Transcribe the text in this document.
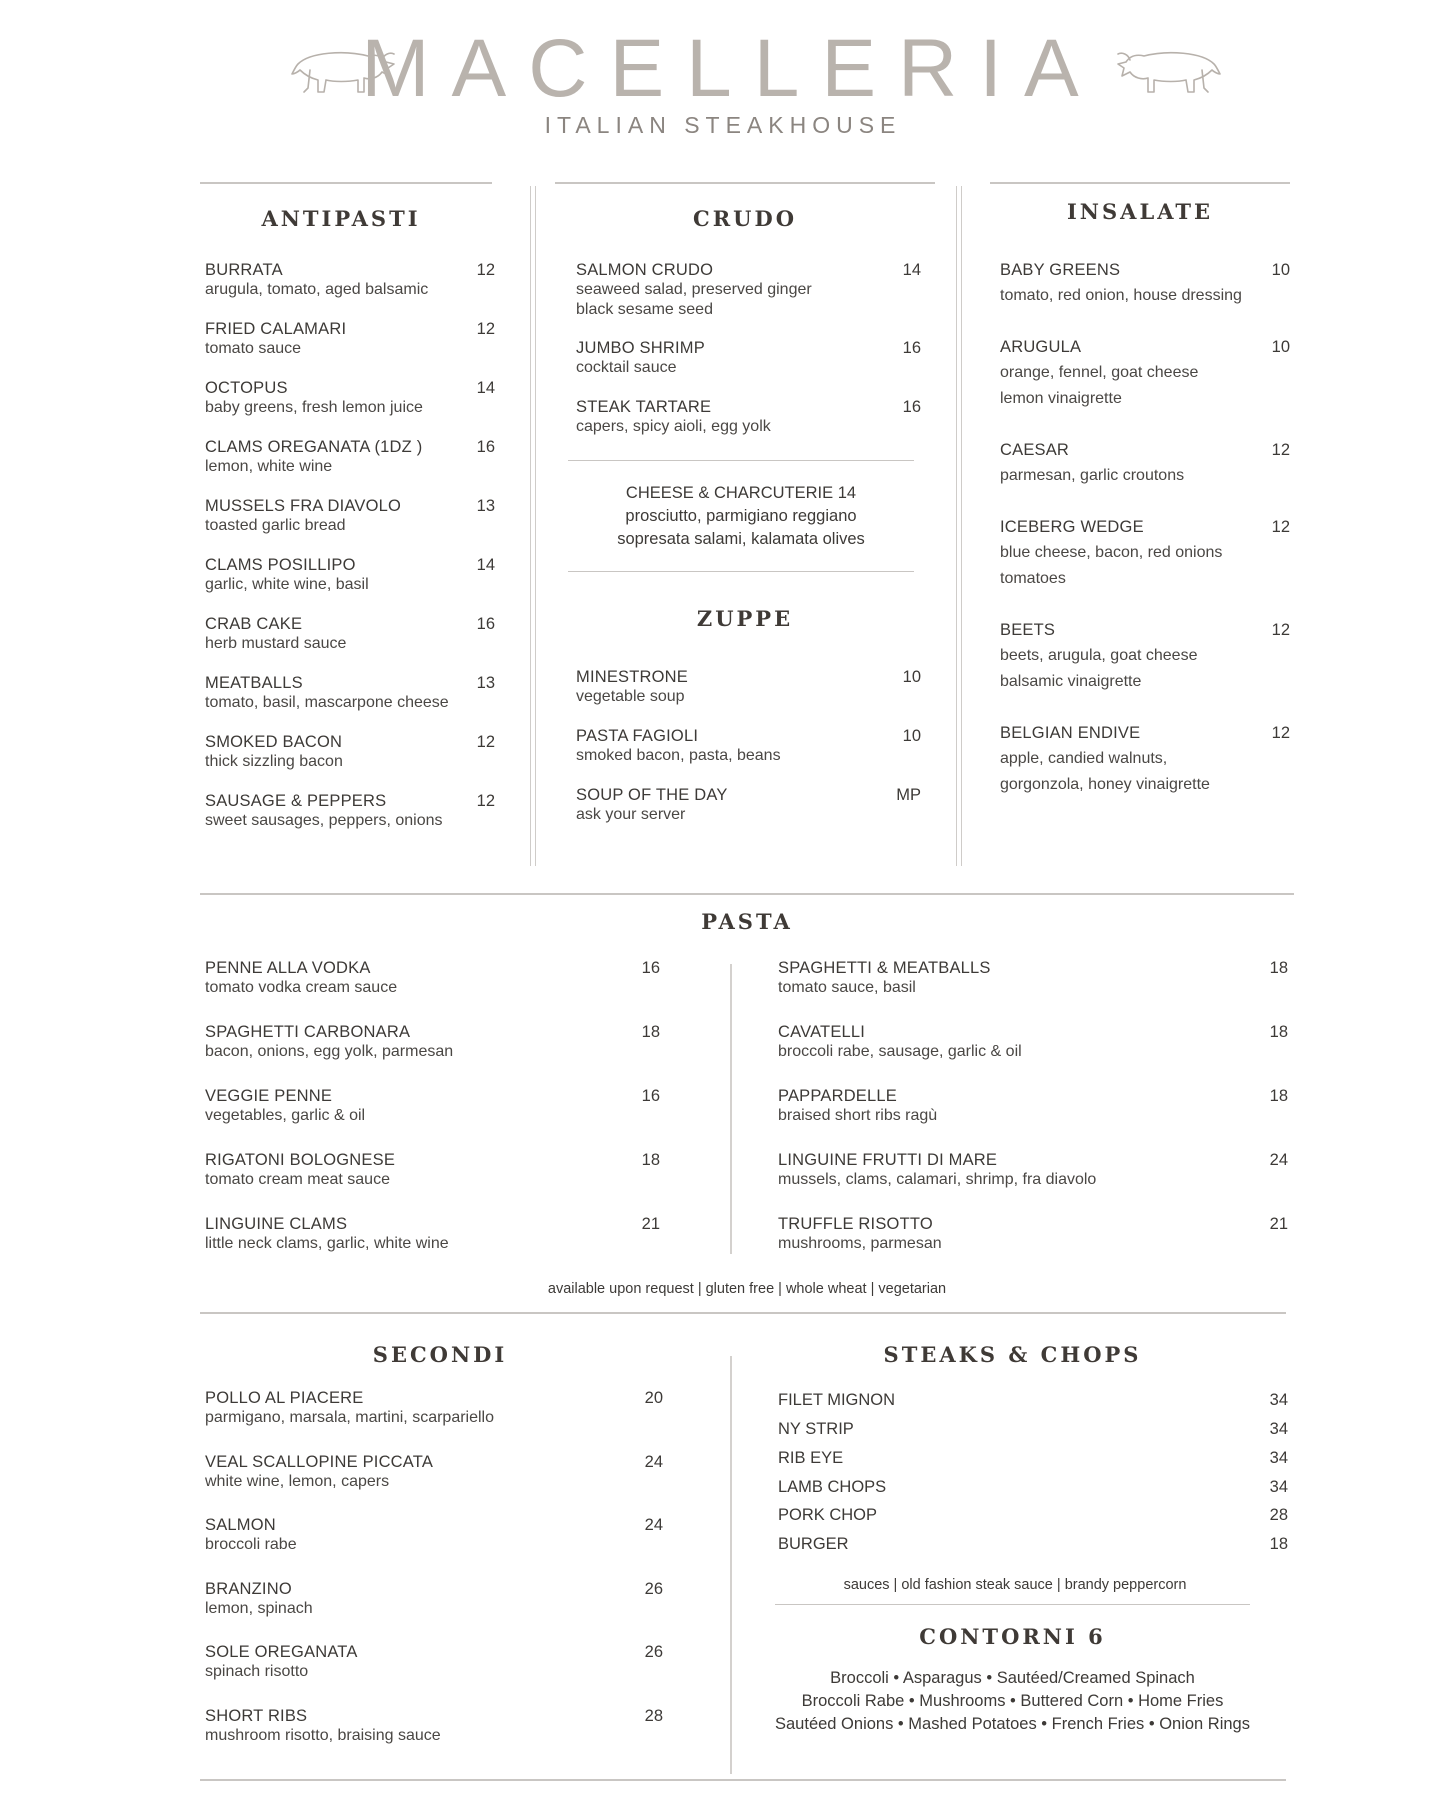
MACELLERIA
ITALIAN STEAKHOUSE
ANTIPASTI
BURRATA
arugula, tomato, aged balsamic
12
FRIED CALAMARI
tomato sauce
12
OCTOPUS
baby greens, fresh lemon juice
14
CLAMS OREGANATA (1DZ )
lemon, white wine
16
MUSSELS FRA DIAVOLO
toasted garlic bread
13
CLAMS POSILLIPO
garlic, white wine, basil
14
CRAB CAKE
herb mustard sauce
16
MEATBALLS
tomato, basil, mascarpone cheese
13
SMOKED BACON
thick sizzling bacon
12
SAUSAGE & PEPPERS
sweet sausages, peppers, onions
12
CRUDO
SALMON CRUDO
seaweed salad, preserved ginger
black sesame seed
14
JUMBO SHRIMP
cocktail sauce
16
STEAK TARTARE
capers, spicy aioli, egg yolk
16
CHEESE & CHARCUTERIE 14
prosciutto, parmigiano reggiano
sopresata salami, kalamata olives
ZUPPE
MINESTRONE
vegetable soup
10
PASTA FAGIOLI
smoked bacon, pasta, beans
10
SOUP OF THE DAY
ask your server
MP
INSALATE
BABY GREENS
tomato, red onion, house dressing
10
ARUGULA
orange, fennel, goat cheese
lemon vinaigrette
10
CAESAR
parmesan, garlic croutons
12
ICEBERG WEDGE
blue cheese, bacon, red onions
tomatoes
12
BEETS
beets, arugula, goat cheese
balsamic vinaigrette
12
BELGIAN ENDIVE
apple, candied walnuts,
gorgonzola, honey vinaigrette
12
PASTA
PENNE ALLA VODKA
tomato vodka cream sauce
16
SPAGHETTI CARBONARA
bacon, onions, egg yolk, parmesan
18
VEGGIE PENNE
vegetables, garlic & oil
16
RIGATONI BOLOGNESE
tomato cream meat sauce
18
LINGUINE CLAMS
little neck clams, garlic, white wine
21
SPAGHETTI & MEATBALLS
tomato sauce, basil
18
CAVATELLI
broccoli rabe, sausage, garlic & oil
18
PAPPARDELLE
braised short ribs ragù
18
LINGUINE FRUTTI DI MARE
mussels, clams, calamari, shrimp, fra diavolo
24
TRUFFLE RISOTTO
mushrooms, parmesan
21
available upon request | gluten free | whole wheat | vegetarian
SECONDI
POLLO AL PIACERE
parmigano, marsala, martini, scarpariello
20
VEAL SCALLOPINE PICCATA
white wine, lemon, capers
24
SALMON
broccoli rabe
24
BRANZINO
lemon, spinach
26
SOLE OREGANATA
spinach risotto
26
SHORT RIBS
mushroom risotto, braising sauce
28
STEAKS & CHOPS
FILET MIGNON	34
NY STRIP	34
RIB EYE	34
LAMB CHOPS	34
PORK CHOP	28
BURGER	18
sauces | old fashion steak sauce | brandy peppercorn
CONTORNI 6
Broccoli • Asparagus • Sautéed/Creamed Spinach
Broccoli Rabe • Mushrooms • Buttered Corn • Home Fries
Sautéed Onions • Mashed Potatoes • French Fries • Onion Rings
